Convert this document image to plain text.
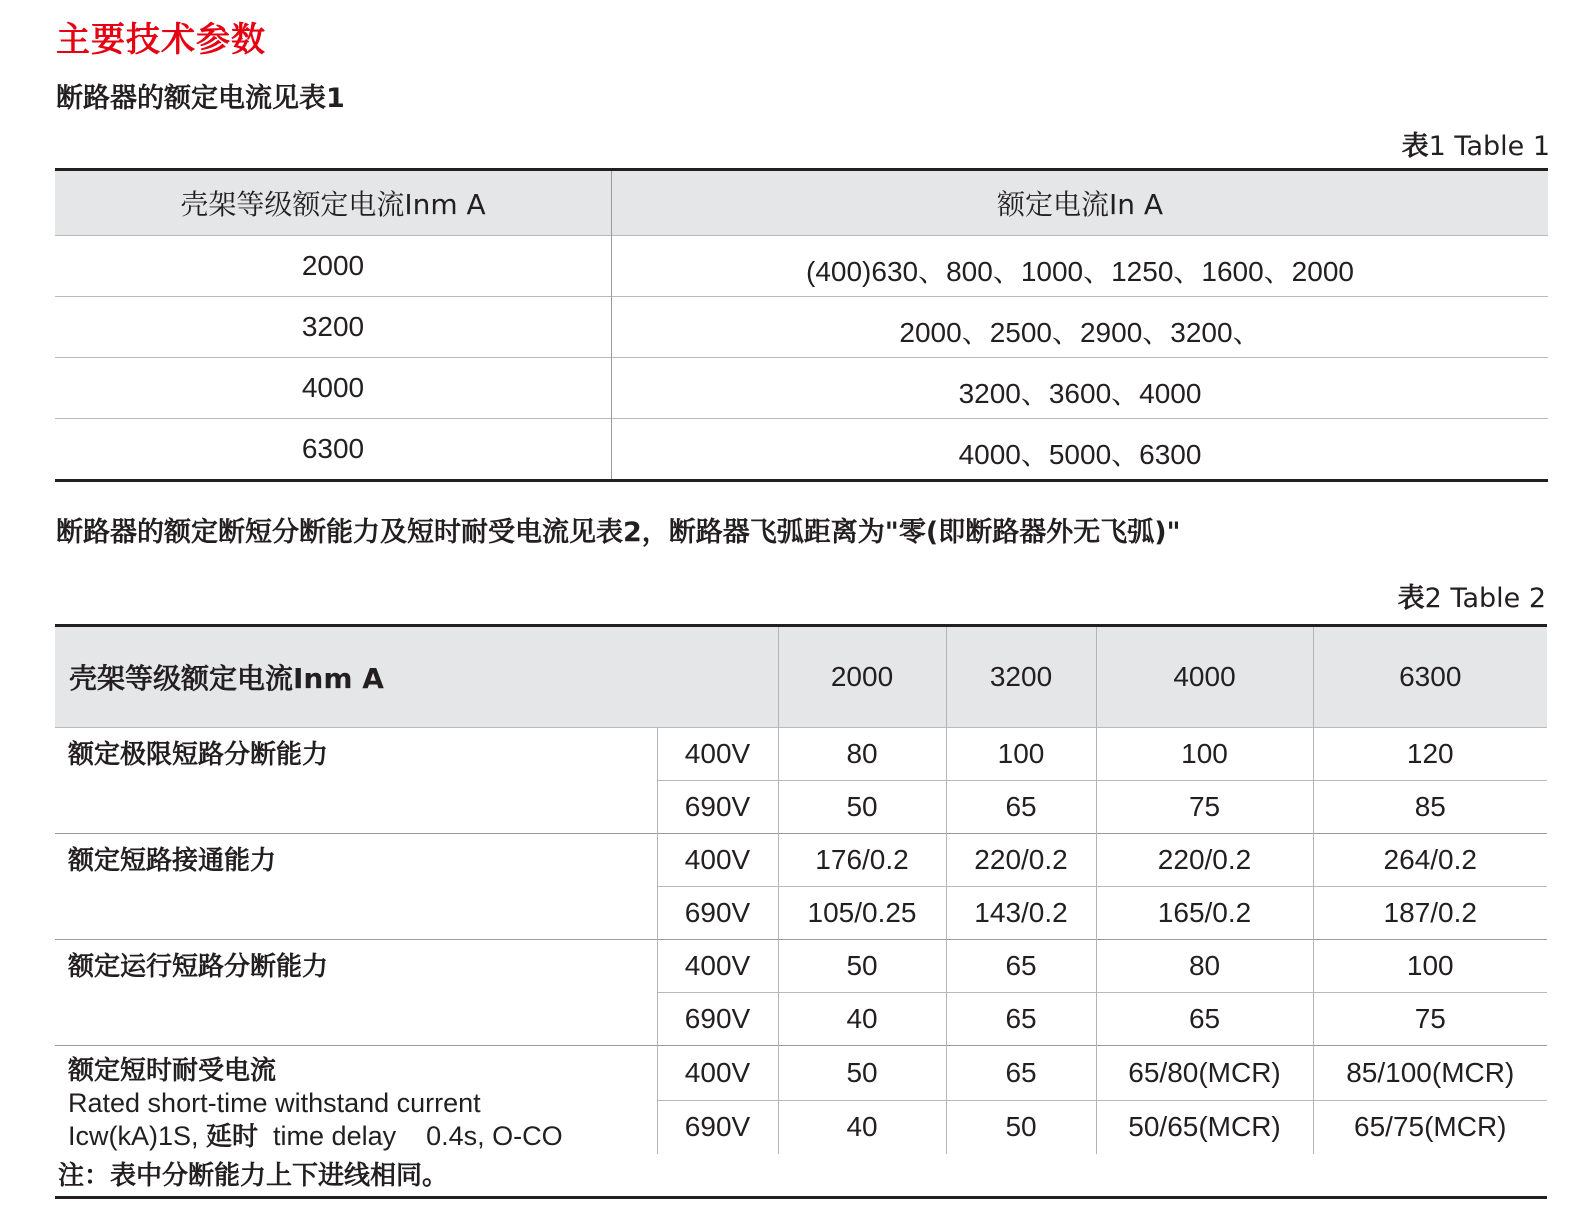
主要技术参数
断路器的额定电流见表1
表1 Table 1
壳架等级额定电流Inm A	额定电流In A
2000	(400)630、800、1000、1250、1600、2000
3200	2000、2500、2900、3200、
4000	3200、3600、4000
6300	4000、5000、6300
断路器的额定断短分断能力及短时耐受电流见表2，断路器飞弧距离为"零(即断路器外无飞弧)"
表2 Table 2
壳架等级额定电流Inm A		2000	3200	4000	6300
额定极限短路分断能力	400V	80	100	100	120
	690V	50	65	75	85
额定短路接通能力	400V	176/0.2	220/0.2	220/0.2	264/0.2
	690V	105/0.25	143/0.2	165/0.2	187/0.2
额定运行短路分断能力	400V	50	65	80	100
	690V	40	65	65	75
额定短时耐受电流
Rated short-time withstand current
Icw(kA)1S, 延时  time delay    0.4s, O-CO	400V	50	65	65/80(MCR)	85/100(MCR)
	690V	40	50	50/65(MCR)	65/75(MCR)
注：表中分断能力上下进线相同。
